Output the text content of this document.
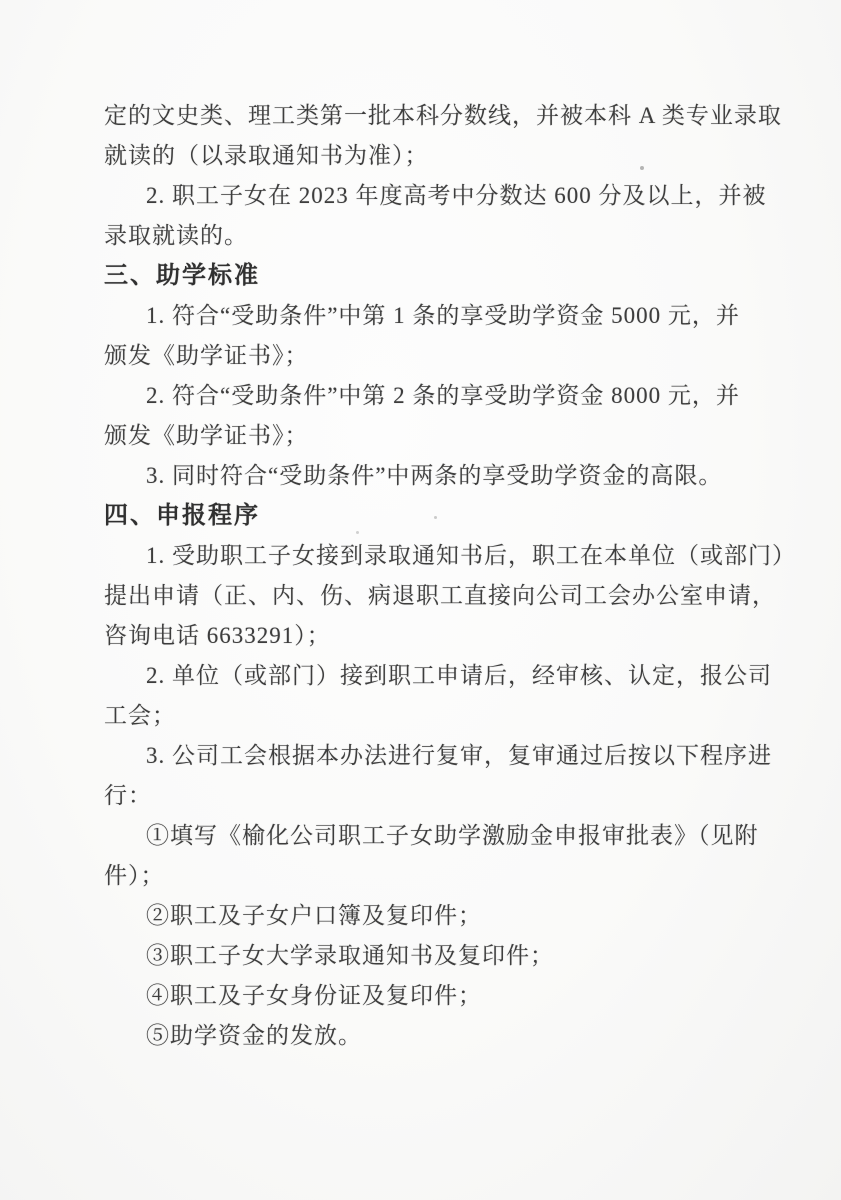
定的文史类、理工类第一批本科分数线，并被本科 A 类专业录取
就读的（以录取通知书为准）；
2. 职工子女在 2023 年度高考中分数达 600 分及以上，并被
录取就读的。
三、助学标准
1. 符合“受助条件”中第 1 条的享受助学资金 5000 元，并
颁发《助学证书》；
2. 符合“受助条件”中第 2 条的享受助学资金 8000 元，并
颁发《助学证书》；
3. 同时符合“受助条件”中两条的享受助学资金的高限。
四、申报程序
1. 受助职工子女接到录取通知书后，职工在本单位（或部门）
提出申请（正、内、伤、病退职工直接向公司工会办公室申请，
咨询电话 6633291）；
2. 单位（或部门）接到职工申请后，经审核、认定，报公司
工会；
3. 公司工会根据本办法进行复审，复审通过后按以下程序进
行：
①填写《榆化公司职工子女助学激励金申报审批表》（见附
件）；
②职工及子女户口簿及复印件；
③职工子女大学录取通知书及复印件；
④职工及子女身份证及复印件；
⑤助学资金的发放。
